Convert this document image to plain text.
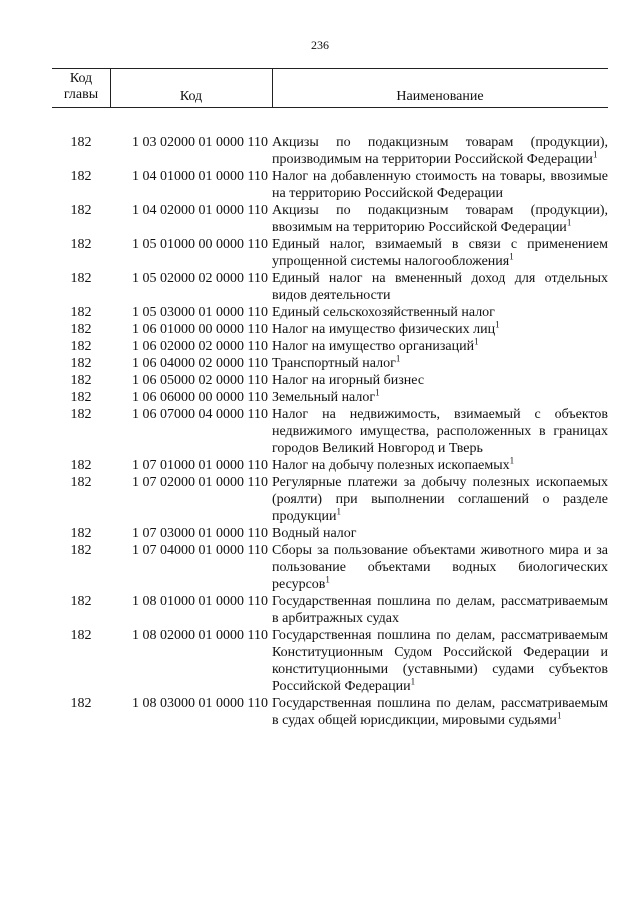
236
Код
главы	Код	Наименование
182	1 03 02000 01 0000 110 Акцизы по подакцизным товарам (продукции), производимым на территории Российской Федерации$^1$
182	1 04 01000 01 0000 110 Налог на добавленную стоимость на товары, ввозимые на территорию Российской Федерации
182	1 04 02000 01 0000 110 Акцизы по подакцизным товарам (продукции), ввозимым на территорию Российской Федерации$^1$
182	1 05 01000 00 0000 110 Единый налог, взимаемый в связи с применением упрощенной системы налогообложения$^1$
182	1 05 02000 02 0000 110 Единый налог на вмененный доход для отдельных видов деятельности
182	1 05 03000 01 0000 110 Единый сельскохозяйственный налог
182	1 06 01000 00 0000 110 Налог на имущество физических лиц$^1$
182	1 06 02000 02 0000 110 Налог на имущество организаций$^1$
182	1 06 04000 02 0000 110 Транспортный налог$^1$
182	1 06 05000 02 0000 110 Налог на игорный бизнес
182	1 06 06000 00 0000 110 Земельный налог$^1$
182	1 06 07000 04 0000 110 Налог на недвижимость, взимаемый с объектов недвижимого имущества, расположенных в границах городов Великий Новгород и Тверь
182	1 07 01000 01 0000 110 Налог на добычу полезных ископаемых$^1$
182	1 07 02000 01 0000 110 Регулярные платежи за добычу полезных ископаемых (роялти) при выполнении соглашений о разделе продукции$^1$
182	1 07 03000 01 0000 110 Водный налог
182	1 07 04000 01 0000 110 Сборы за пользование объектами животного мира и за пользование объектами водных биологических ресурсов$^1$
182	1 08 01000 01 0000 110 Государственная пошлина по делам, рассматриваемым в арбитражных судах
182	1 08 02000 01 0000 110 Государственная пошлина по делам, рассматриваемым Конституционным Судом Российской Федерации и конституционными (уставными) судами субъектов Российской Федерации$^1$
182	1 08 03000 01 0000 110 Государственная пошлина по делам, рассматриваемым в судах общей юрисдикции, мировыми судьями$^1$
